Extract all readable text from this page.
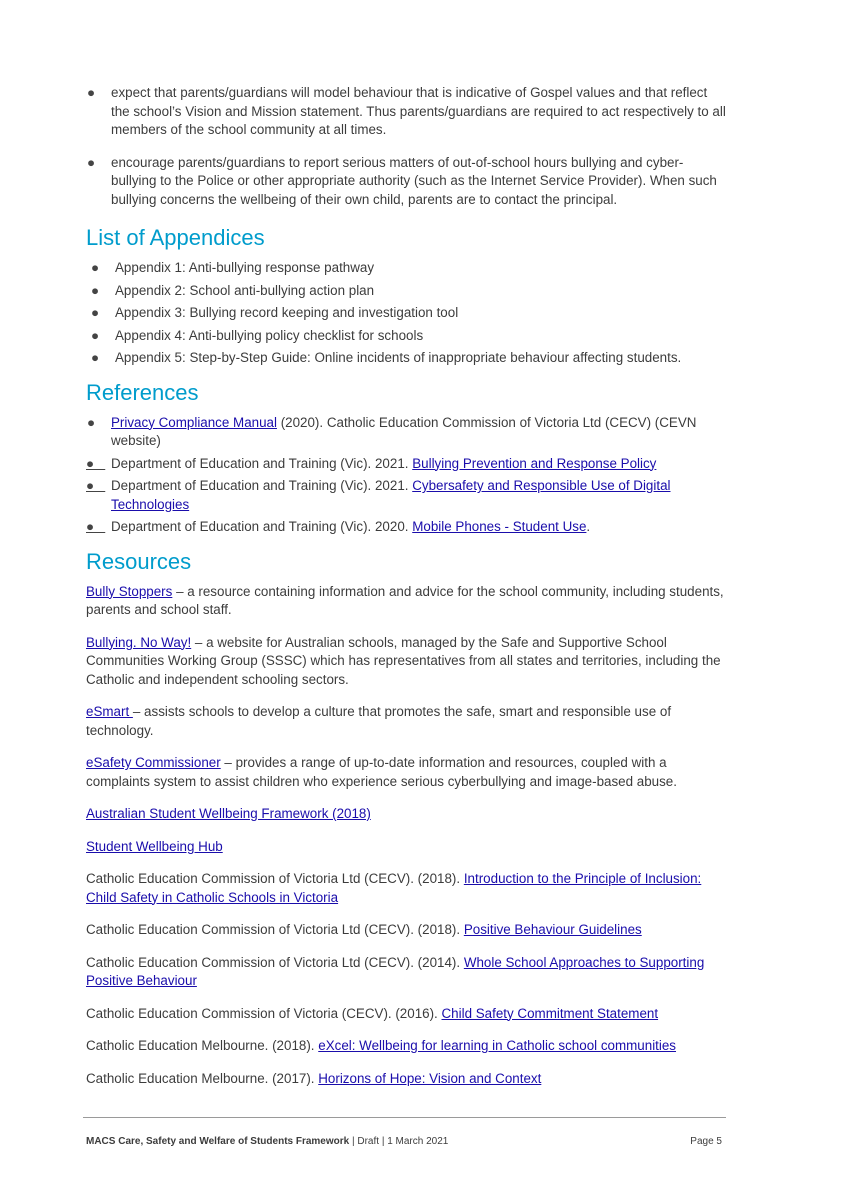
● expect that parents/guardians will model behaviour that is indicative of Gospel values and that reflect the school’s Vision and Mission statement. Thus parents/guardians are required to act respectively to all members of the school community at all times.
● encourage parents/guardians to report serious matters of out-of-school hours bullying and cyber-bullying to the Police or other appropriate authority (such as the Internet Service Provider). When such bullying concerns the wellbeing of their own child, parents are to contact the principal.
List of Appendices
● Appendix 1: Anti-bullying response pathway
● Appendix 2: School anti-bullying action plan
● Appendix 3: Bullying record keeping and investigation tool
● Appendix 4: Anti-bullying policy checklist for schools
● Appendix 5: Step-by-Step Guide: Online incidents of inappropriate behaviour affecting students.
References
● Privacy Compliance Manual (2020). Catholic Education Commission of Victoria Ltd (CECV) (CEVN website)
● Department of Education and Training (Vic). 2021. Bullying Prevention and Response Policy
● Department of Education and Training (Vic). 2021. Cybersafety and Responsible Use of Digital Technologies
● Department of Education and Training (Vic). 2020. Mobile Phones - Student Use.
Resources

Bully Stoppers – a resource containing information and advice for the school community, including students, parents and school staff.

Bullying. No Way! – a website for Australian schools, managed by the Safe and Supportive School Communities Working Group (SSSC) which has representatives from all states and territories, including the Catholic and independent schooling sectors.

eSmart – assists schools to develop a culture that promotes the safe, smart and responsible use of technology.

eSafety Commissioner – provides a range of up-to-date information and resources, coupled with a complaints system to assist children who experience serious cyberbullying and image-based abuse.

Australian Student Wellbeing Framework (2018)

Student Wellbeing Hub

Catholic Education Commission of Victoria Ltd (CECV). (2018). Introduction to the Principle of Inclusion: Child Safety in Catholic Schools in Victoria

Catholic Education Commission of Victoria Ltd (CECV). (2018). Positive Behaviour Guidelines

Catholic Education Commission of Victoria Ltd (CECV). (2014). Whole School Approaches to Supporting Positive Behaviour

Catholic Education Commission of Victoria (CECV). (2016). Child Safety Commitment Statement

Catholic Education Melbourne. (2018). eXcel: Wellbeing for learning in Catholic school communities

Catholic Education Melbourne. (2017). Horizons of Hope: Vision and Context

MACS Care, Safety and Welfare of Students Framework | Draft | 1 March 2021	Page 5
